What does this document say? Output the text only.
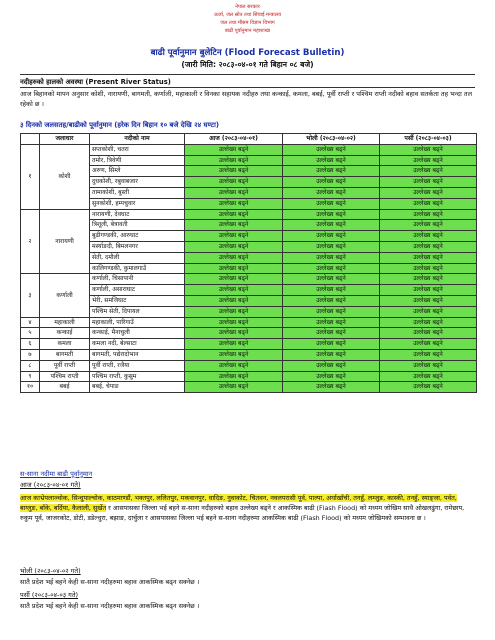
नेपाल सरकार
ऊर्जा, जल स्रोत तथा सिंचाई मन्त्रालय
जल तथा मौसम विज्ञान विभाग
बाढी पूर्वानुमान महाशाखा
बाढी पूर्वानुमान बुलेटिन (Flood Forecast Bulletin)
(जारी मिति: २०८३-०४-०१ गते बिहान ०८ बजे)
नदीहरुको हालको अवस्था (Present River Status)
आज बिहानको मापन अनुसार कोशी, नारायणी, बागमती, कर्णाली, महाकाली र विनका सहायक नदीहरु तथा कन्काई, कमला, बबई, पूर्वी राप्ती र पश्चिम राप्ती नदीको बहाव सतर्कता तह भन्दा तल रहेको छ ।
३ दिनको जलसतह/बाढीको पूर्वानुमान (हरेक दिन बिहान १० बजे देखि २४ घण्टा)
	जलाधार	नदीको नाम	आज (२०८३-०४-०१)	भोली (२०८३-०४-०२)	पर्सी (२०८३-०४-०३)
१	कोशी	सप्तकोशी, चतरा	उल्लेख्य बढ्ने	उल्लेख्य बढ्ने	उल्लेख्य बढ्ने
		तमोर, त्रिवेणी	उल्लेख्य बढ्ने	उल्लेख्य बढ्ने	उल्लेख्य बढ्ने
		अरुण, सिम्ले	उल्लेख्य बढ्ने	उल्लेख्य बढ्ने	उल्लेख्य बढ्ने
		दुधकोशी, रबुवाबजार	उल्लेख्य बढ्ने	उल्लेख्य बढ्ने	उल्लेख्य बढ्ने
		तामाकोशी, बुस्ती	उल्लेख्य बढ्ने	उल्लेख्य बढ्ने	उल्लेख्य बढ्ने
		सुनकोशी, हम्पचुवार	उल्लेख्य बढ्ने	उल्लेख्य बढ्ने	उल्लेख्य बढ्ने
२	नारायणी	नारायणी, देवघाट	उल्लेख्य बढ्ने	उल्लेख्य बढ्ने	उल्लेख्य बढ्ने
		त्रिशूली, बेत्रावती	उल्लेख्य बढ्ने	उल्लेख्य बढ्ने	उल्लेख्य बढ्ने
		बुढीगण्डकी, आरुघाट	उल्लेख्य बढ्ने	उल्लेख्य बढ्ने	उल्लेख्य बढ्ने
		मर्स्याङदी, बिमलनगर	उल्लेख्य बढ्ने	उल्लेख्य बढ्ने	उल्लेख्य बढ्ने
		सेती, दमौली	उल्लेख्य बढ्ने	उल्लेख्य बढ्ने	उल्लेख्य बढ्ने
		कालिगण्डकी, कुमालगाउँ	उल्लेख्य बढ्ने	उल्लेख्य बढ्ने	उल्लेख्य बढ्ने
३	कर्णाली	कर्णाली, चिसापानी	उल्लेख्य बढ्ने	उल्लेख्य बढ्ने	उल्लेख्य बढ्ने
		कर्णाली, असाराघाट	उल्लेख्य बढ्ने	उल्लेख्य बढ्ने	उल्लेख्य बढ्ने
		भेरी, समजिघाट	उल्लेख्य बढ्ने	उल्लेख्य बढ्ने	उल्लेख्य बढ्ने
		पश्चिम सेती, दिपायल	उल्लेख्य बढ्ने	उल्लेख्य बढ्ने	उल्लेख्य बढ्ने
४	महाकाली	महाकाली, पारिगाउँ	उल्लेख्य बढ्ने	उल्लेख्य बढ्ने	उल्लेख्य बढ्ने
५	कन्काई	कन्काई, मैनाचुली	उल्लेख्य बढ्ने	उल्लेख्य बढ्ने	उल्लेख्य बढ्ने
६	कमला	कमला नदी, बेल्साटा	उल्लेख्य बढ्ने	उल्लेख्य बढ्ने	उल्लेख्य बढ्ने
७	बागमती	बागमती, पद्येरादोभान	उल्लेख्य बढ्ने	उल्लेख्य बढ्ने	उल्लेख्य बढ्ने
८	पूर्वी राप्ती	पूर्वी राप्ती, रजैया	उल्लेख्य बढ्ने	उल्लेख्य बढ्ने	उल्लेख्य बढ्ने
९	पश्चिम राप्ती	पश्चिम राप्ती, कुसुम	उल्लेख्य बढ्ने	उल्लेख्य बढ्ने	उल्लेख्य बढ्ने
१०	बबई	बबई, चेपाङ	उल्लेख्य बढ्ने	उल्लेख्य बढ्ने	उल्लेख्य बढ्ने
स-साना नदीमा बाढी पूर्वानुमान
आज (२०८३-०४-०१ गते)
आज काभ्रेपलाञ्चोक, सिन्धुपाल्चोक, काठमाण्डौं, भक्तपुर, ललितपुर, मकवानपुर, धादिङ, नुवाकोट, चितवन, नवलपरासी पूर्व, पाल्पा, अर्घाखाँची, तनहुँ, लम्जुङ, कास्की, तनहुँ, स्याङ्जा, पर्वत, बाग्लुङ, बाँके, बर्दिया, कैलाली, सुर्खेत र आसपासका जिल्ला भई बहने स-साना नदीहरुको बहाव उल्लेख्य बढ्ने र आकस्मिक बाढी (Flash Flood) को मध्यम जोखिम साथै ओखलढुंगा, रामेछाप, रुकुम पूर्व, जाजरकोट, डोटी, डडेल्धुरा, बझाङ, दार्चुला र आसपासका जिल्ला भई बहने स-साना नदीहरुमा आकस्मिक बाढी (Flash Flood) को मध्यम जोखिमको सम्भावना छ ।
भोली (२०८३-०४-०२ गते)
सातै प्रदेश भई बहने केही स-साना नदीहरुमा बहाव आकस्मिक बढ्न सक्नेछ ।
पर्सी (२०८३-०४-०३ गते)
सातै प्रदेश भई बहने केही स-साना नदीहरुमा बहाव आकस्मिक बढ्न सक्नेछ ।
